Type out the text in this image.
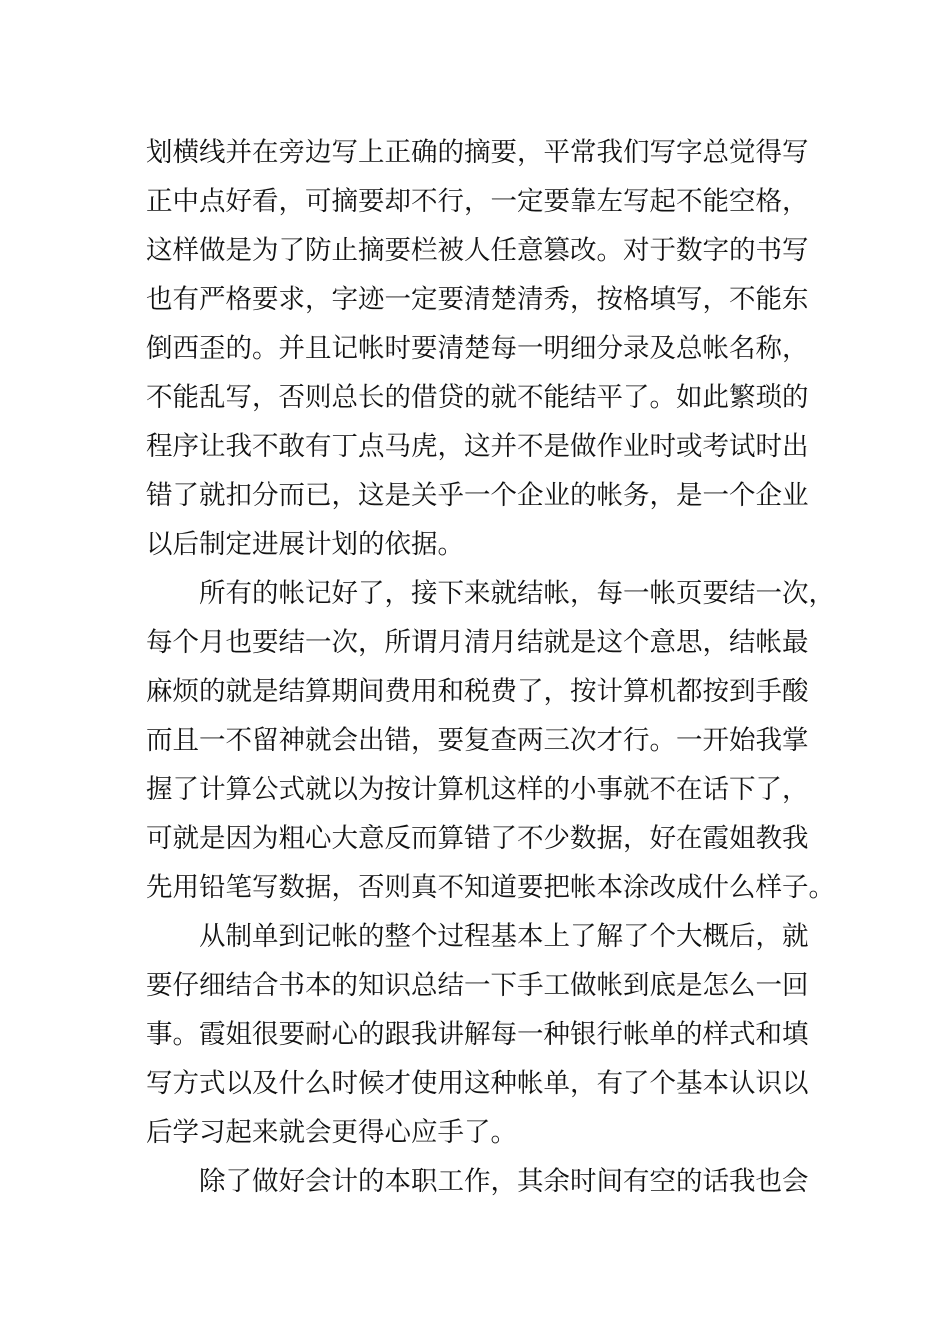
划横线并在旁边写上正确的摘要，平常我们写字总觉得写
正中点好看，可摘要却不行，一定要靠左写起不能空格，
这样做是为了防止摘要栏被人任意篡改。对于数字的书写
也有严格要求，字迹一定要清楚清秀，按格填写，不能东
倒西歪的。并且记帐时要清楚每一明细分录及总帐名称，
不能乱写，否则总长的借贷的就不能结平了。如此繁琐的
程序让我不敢有丁点马虎，这并不是做作业时或考试时出
错了就扣分而已，这是关乎一个企业的帐务，是一个企业
以后制定进展计划的依据。
所有的帐记好了，接下来就结帐，每一帐页要结一次，
每个月也要结一次，所谓月清月结就是这个意思，结帐最
麻烦的就是结算期间费用和税费了，按计算机都按到手酸
而且一不留神就会出错，要复查两三次才行。一开始我掌
握了计算公式就以为按计算机这样的小事就不在话下了，
可就是因为粗心大意反而算错了不少数据，好在霞姐教我
先用铅笔写数据，否则真不知道要把帐本涂改成什么样子。
从制单到记帐的整个过程基本上了解了个大概后，就
要仔细结合书本的知识总结一下手工做帐到底是怎么一回
事。霞姐很要耐心的跟我讲解每一种银行帐单的样式和填
写方式以及什么时候才使用这种帐单，有了个基本认识以
后学习起来就会更得心应手了。
除了做好会计的本职工作，其余时间有空的话我也会
